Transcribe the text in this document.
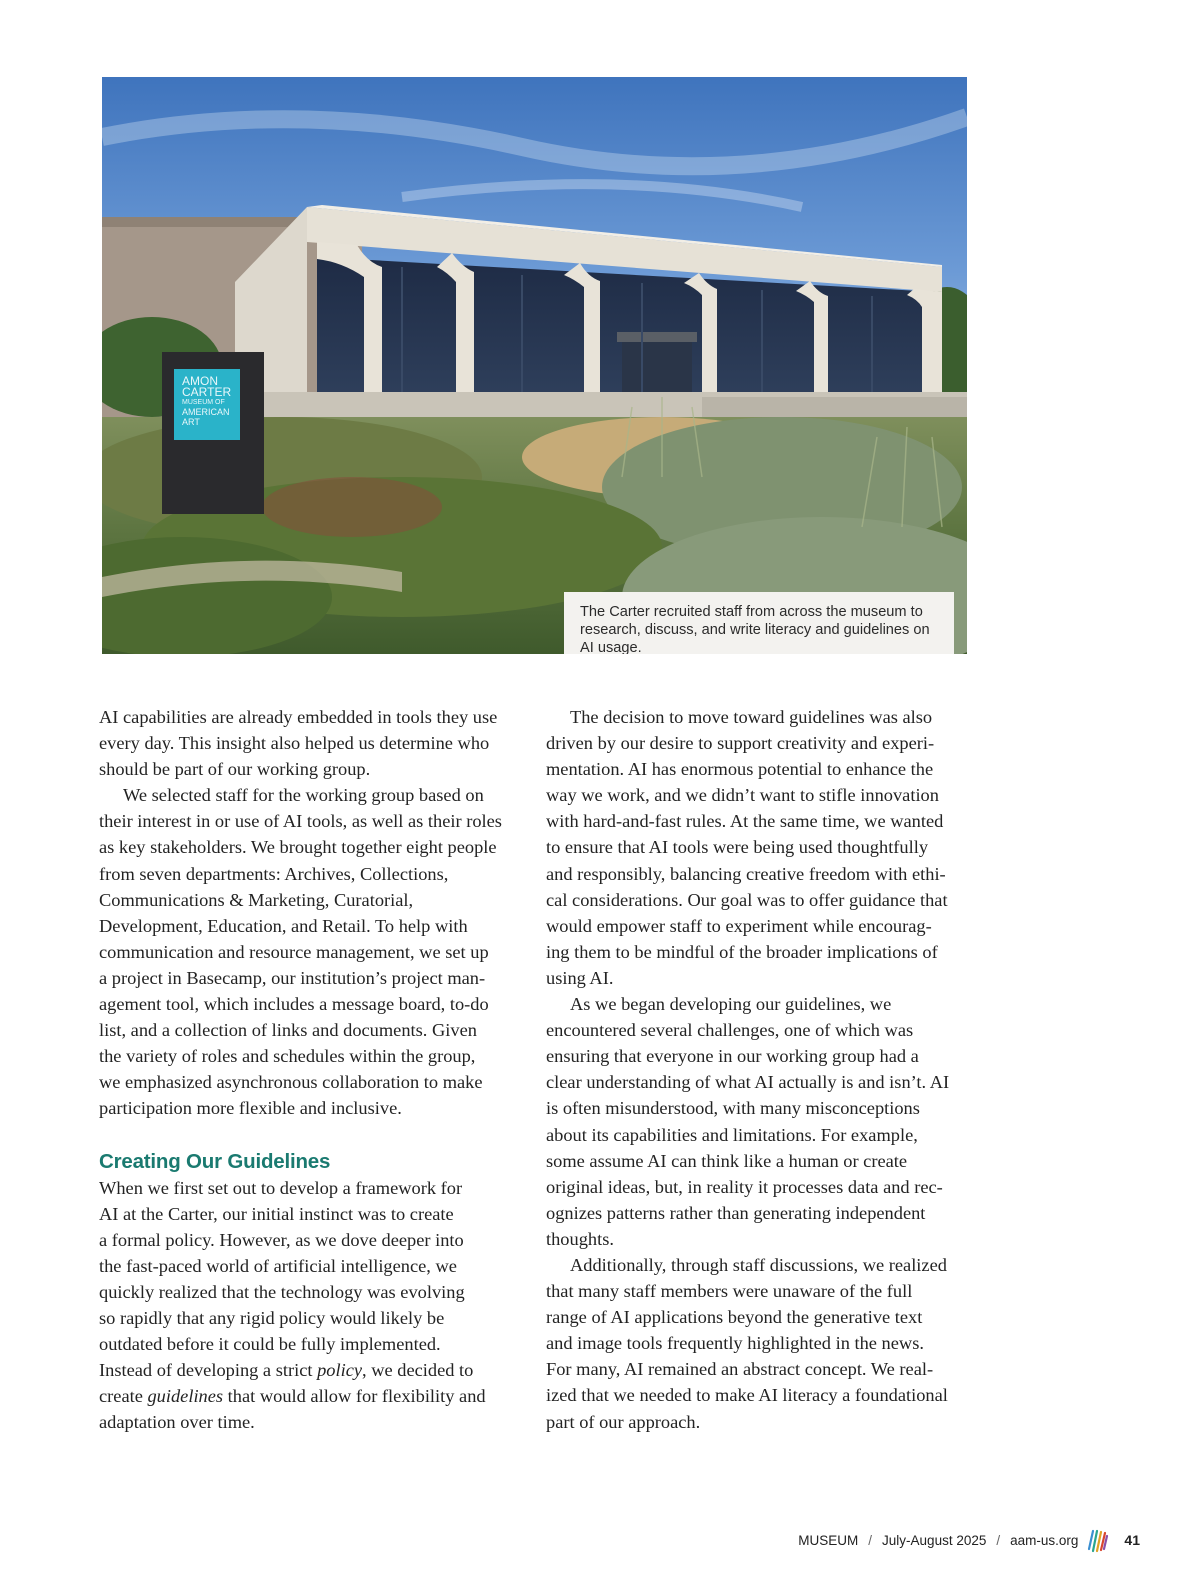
AMON
CARTER
MUSEUM OF
AMERICAN
ART
The Carter recruited staff from across the museum to research, discuss, and write literacy and guidelines on AI usage.

AI capabilities are already embedded in tools they use
every day. This insight also helped us determine who
should be part of our working group.

We selected staff for the working group based on
their interest in or use of AI tools, as well as their roles
as key stakeholders. We brought together eight people
from seven departments: Archives, Collections,
Communications & Marketing, Curatorial,
Development, Education, and Retail. To help with
communication and resource management, we set up
a project in Basecamp, our institution’s project man-
agement tool, which includes a message board, to-do
list, and a collection of links and documents. Given
the variety of roles and schedules within the group,
we emphasized asynchronous collaboration to make
participation more flexible and inclusive.

Creating Our Guidelines

When we first set out to develop a framework for
AI at the Carter, our initial instinct was to create
a formal policy. However, as we dove deeper into
the fast-paced world of artificial intelligence, we
quickly realized that the technology was evolving
so rapidly that any rigid policy would likely be
outdated before it could be fully implemented.
Instead of developing a strict policy, we decided to
create guidelines that would allow for flexibility and
adaptation over time.

The decision to move toward guidelines was also
driven by our desire to support creativity and experi-
mentation. AI has enormous potential to enhance the
way we work, and we didn’t want to stifle innovation
with hard-and-fast rules. At the same time, we wanted
to ensure that AI tools were being used thoughtfully
and responsibly, balancing creative freedom with ethi-
cal considerations. Our goal was to offer guidance that
would empower staff to experiment while encourag-
ing them to be mindful of the broader implications of
using AI.

As we began developing our guidelines, we
encountered several challenges, one of which was
ensuring that everyone in our working group had a
clear understanding of what AI actually is and isn’t. AI
is often misunderstood, with many misconceptions
about its capabilities and limitations. For example,
some assume AI can think like a human or create
original ideas, but, in reality it processes data and rec-
ognizes patterns rather than generating independent
thoughts.

Additionally, through staff discussions, we realized
that many staff members were unaware of the full
range of AI applications beyond the generative text
and image tools frequently highlighted in the news.
For many, AI remained an abstract concept. We real-
ized that we needed to make AI literacy a foundational
part of our approach.

MUSEUM / July-August 2025 / aam-us.org	41
